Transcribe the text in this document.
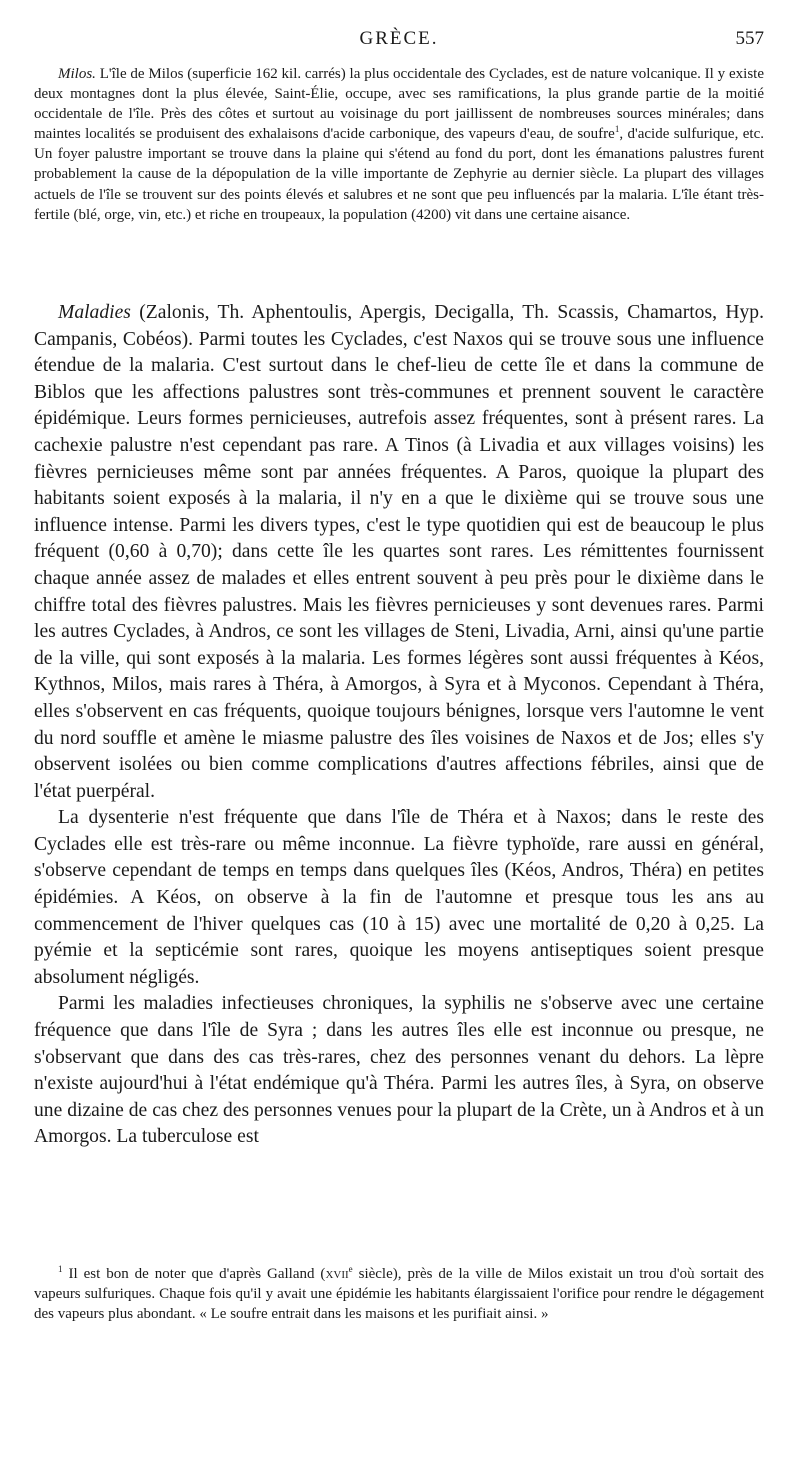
GRÈCE.	557

Milos. L'île de Milos (superficie 162 kil. carrés) la plus occidentale des Cyclades, est de nature volcanique. Il y existe deux montagnes dont la plus élevée, Saint-Élie, occupe, avec ses ramifications, la plus grande partie de la moitié occidentale de l'île. Près des côtes et surtout au voisinage du port jaillissent de nombreuses sources minérales; dans maintes localités se produisent des exhalaisons d'acide carbonique, des vapeurs d'eau, de soufre$^1$, d'acide sulfurique, etc. Un foyer palustre important se trouve dans la plaine qui s'étend au fond du port, dont les émanations palustres furent probablement la cause de la dépopulation de la ville importante de Zephyrie au dernier siècle. La plupart des villages actuels de l'île se trouvent sur des points élevés et salubres et ne sont que peu influencés par la malaria. L'île étant très-fertile (blé, orge, vin, etc.) et riche en troupeaux, la population (4200) vit dans une certaine aisance.

Maladies (Zalonis, Th. Aphentoulis, Apergis, Decigalla, Th. Scassis, Chamartos, Hyp. Campanis, Cobéos). Parmi toutes les Cyclades, c'est Naxos qui se trouve sous une influence étendue de la malaria. C'est surtout dans le chef-lieu de cette île et dans la commune de Biblos que les affections palustres sont très-communes et prennent souvent le caractère épidémique. Leurs formes pernicieuses, autrefois assez fréquentes, sont à présent rares. La cachexie palustre n'est cependant pas rare. A Tinos (à Livadia et aux villages voisins) les fièvres pernicieuses même sont par années fréquentes. A Paros, quoique la plupart des habitants soient exposés à la malaria, il n'y en a que le dixième qui se trouve sous une influence intense. Parmi les divers types, c'est le type quotidien qui est de beaucoup le plus fréquent (0,60 à 0,70); dans cette île les quartes sont rares. Les rémittentes fournissent chaque année assez de malades et elles entrent souvent à peu près pour le dixième dans le chiffre total des fièvres palustres. Mais les fièvres pernicieuses y sont devenues rares. Parmi les autres Cyclades, à Andros, ce sont les villages de Steni, Livadia, Arni, ainsi qu'une partie de la ville, qui sont exposés à la malaria. Les formes légères sont aussi fréquentes à Kéos, Kythnos, Milos, mais rares à Théra, à Amorgos, à Syra et à Myconos. Cependant à Théra, elles s'observent en cas fréquents, quoique toujours bénignes, lorsque vers l'automne le vent du nord souffle et amène le miasme palustre des îles voisines de Naxos et de Jos; elles s'y observent isolées ou bien comme complications d'autres affections fébriles, ainsi que de l'état puerpéral.

La dysenterie n'est fréquente que dans l'île de Théra et à Naxos; dans le reste des Cyclades elle est très-rare ou même inconnue. La fièvre typhoïde, rare aussi en général, s'observe cependant de temps en temps dans quelques îles (Kéos, Andros, Théra) en petites épidémies. A Kéos, on observe à la fin de l'automne et presque tous les ans au commencement de l'hiver quelques cas (10 à 15) avec une mortalité de 0,20 à 0,25. La pyémie et la septicémie sont rares, quoique les moyens antiseptiques soient presque absolument négligés.

Parmi les maladies infectieuses chroniques, la syphilis ne s'observe avec une certaine fréquence que dans l'île de Syra ; dans les autres îles elle est inconnue ou presque, ne s'observant que dans des cas très-rares, chez des personnes venant du dehors. La lèpre n'existe aujourd'hui à l'état endémique qu'à Théra. Parmi les autres îles, à Syra, on observe une dizaine de cas chez des personnes venues pour la plupart de la Crète, un à Andros et à un Amorgos. La tuberculose est

$^1$ Il est bon de noter que d'après Galland (xvii$^e$ siècle), près de la ville de Milos existait un trou d'où sortait des vapeurs sulfuriques. Chaque fois qu'il y avait une épidémie les habitants élargissaient l'orifice pour rendre le dégagement des vapeurs plus abondant. « Le soufre entrait dans les maisons et les purifiait ainsi. »
